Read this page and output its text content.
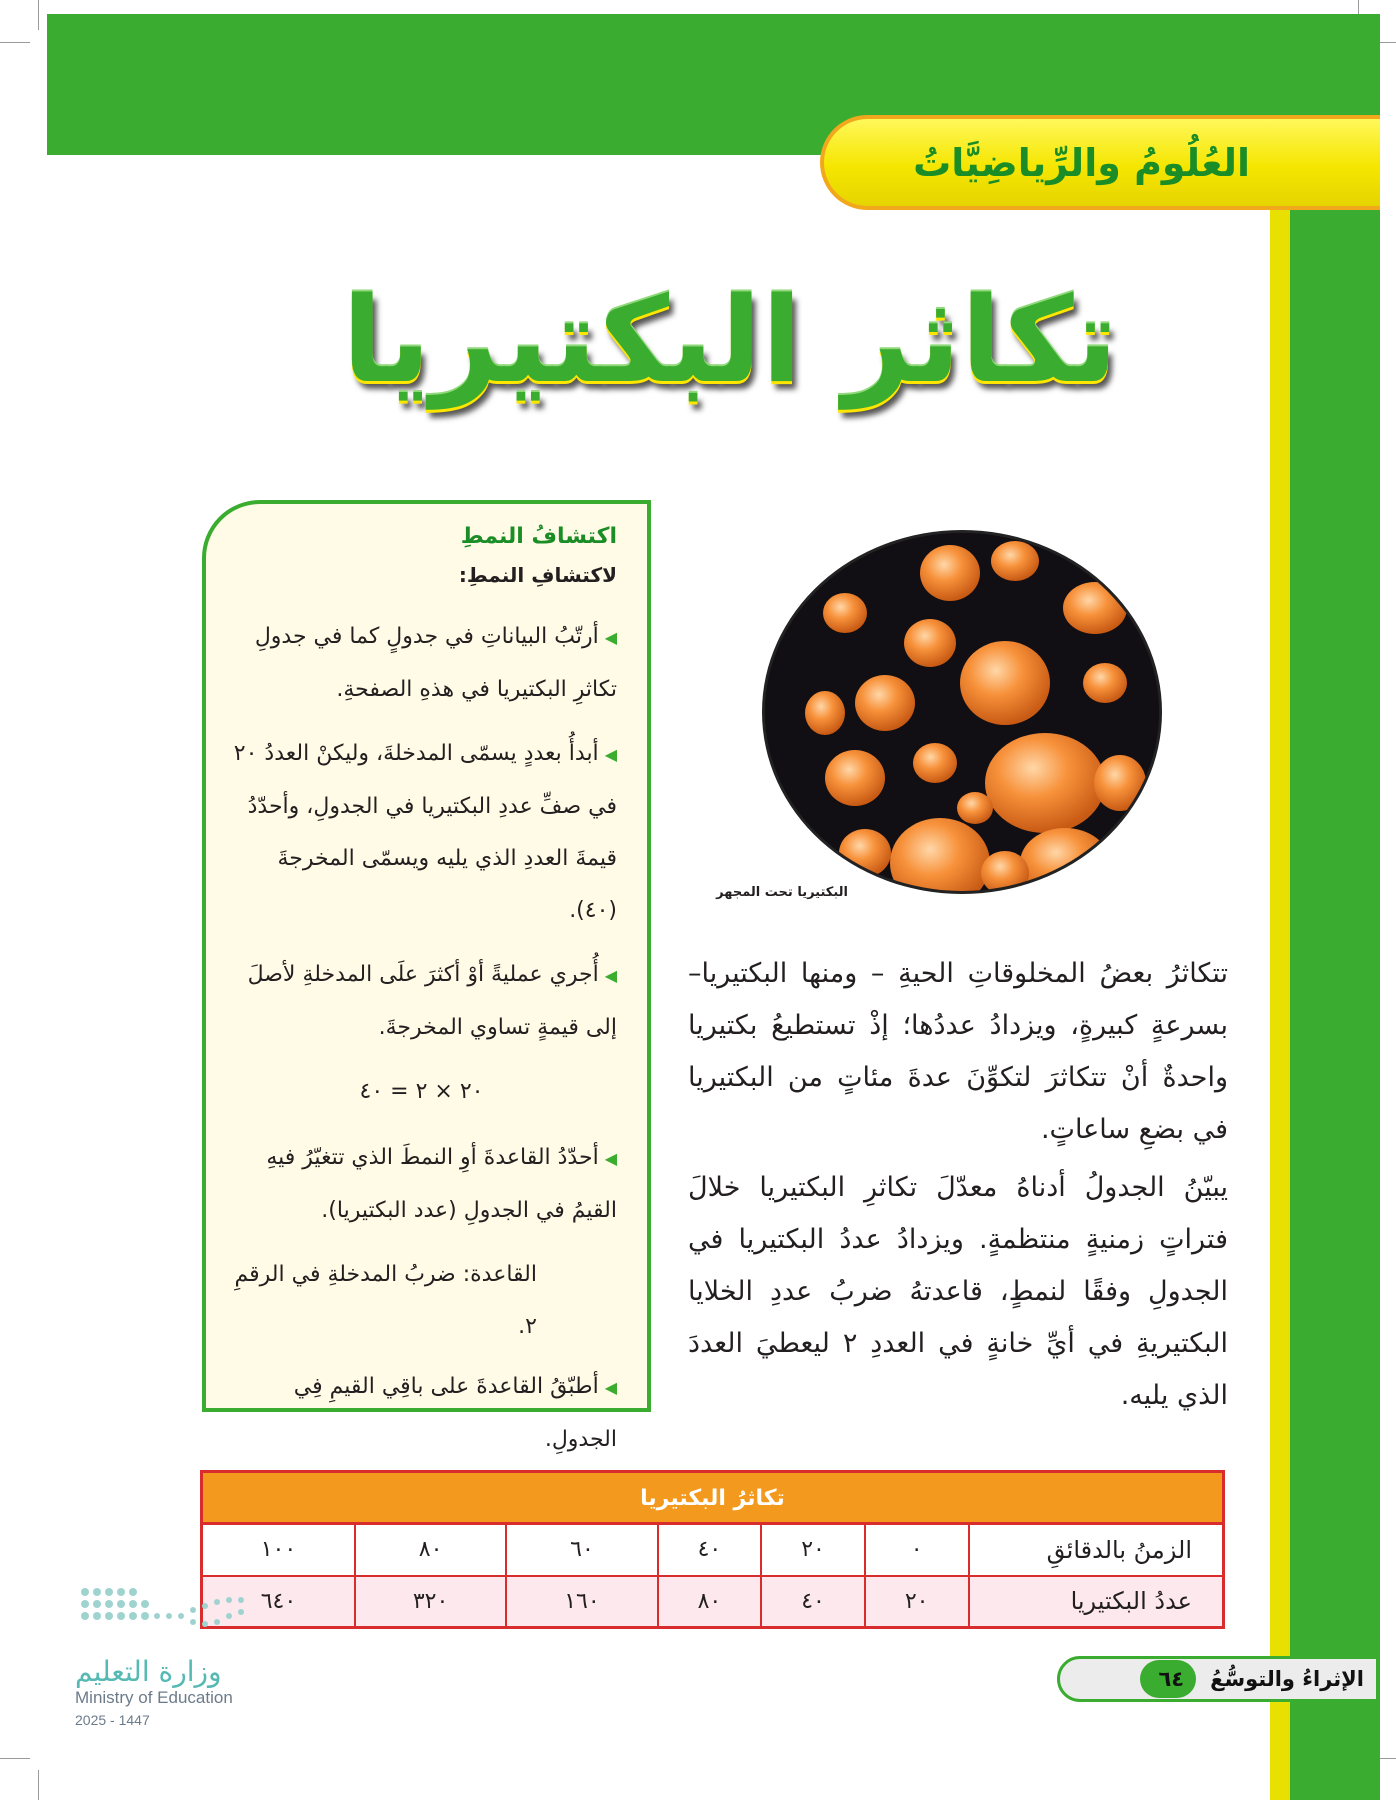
العُلُومُ والرِّياضِيَّاتُ
تكاثر البكتيريا
اكتشافُ النمطِ
لاكتشافِ النمطِ:
◀أرتّبُ البياناتِ في جدولٍ كما في جدولِ تكاثرِ البكتيريا في هذهِ الصفحةِ.
◀أبدأُ بعددٍ يسمّى المدخلةَ، وليكنْ العددُ ٢٠ في صفِّ عددِ البكتيريا في الجدولِ، وأحدّدُ قيمةَ العددِ الذي يليه ويسمّى المخرجةَ (٤٠).
◀أُجري عمليةً أوْ أكثرَ علَى المدخلةِ لأصلَ إلى قيمةٍ تساوي المخرجةَ.
٢٠ × ٢ = ٤٠
◀أحدّدُ القاعدةَ أوِ النمطَ الذي تتغيّرُ فيهِ القيمُ في الجدولِ (عدد البكتيريا).
القاعدة: ضربُ المدخلةِ في الرقمِ ٢.
◀أطبّقُ القاعدةَ على باقِي القيمِ فِي الجدولِ.
البكتيريا تحت المجهر

تتكاثرُ بعضُ المخلوقاتِ الحيةِ – ومنها البكتيريا– بسرعةٍ كبيرةٍ، ويزدادُ عددُها؛ إذْ تستطيعُ بكتيريا واحدةٌ أنْ تتكاثرَ لتكوِّنَ عدةَ مئاتٍ من البكتيريا في بضعِ ساعاتٍ.

يبيّنُ الجدولُ أدناهُ معدّلَ تكاثرِ البكتيريا خلالَ فتراتٍ زمنيةٍ منتظمةٍ. ويزدادُ عددُ البكتيريا في الجدولِ وفقًا لنمطٍ، قاعدتهُ ضربُ عددِ الخلايا البكتيريةِ في أيِّ خانةٍ في العددِ ٢ ليعطيَ العددَ الذي يليه.

تكاثرُ البكتيريا
الزمنُ بالدقائقِ	٠	٢٠	٤٠	٦٠	٨٠	١٠٠
عددُ البكتيريا	٢٠	٤٠	٨٠	١٦٠	٣٢٠	٦٤٠
وزارة التعليم
Ministry of Education
2025 - 1447
الإثراءُ والتوسُّعُ
٦٤
